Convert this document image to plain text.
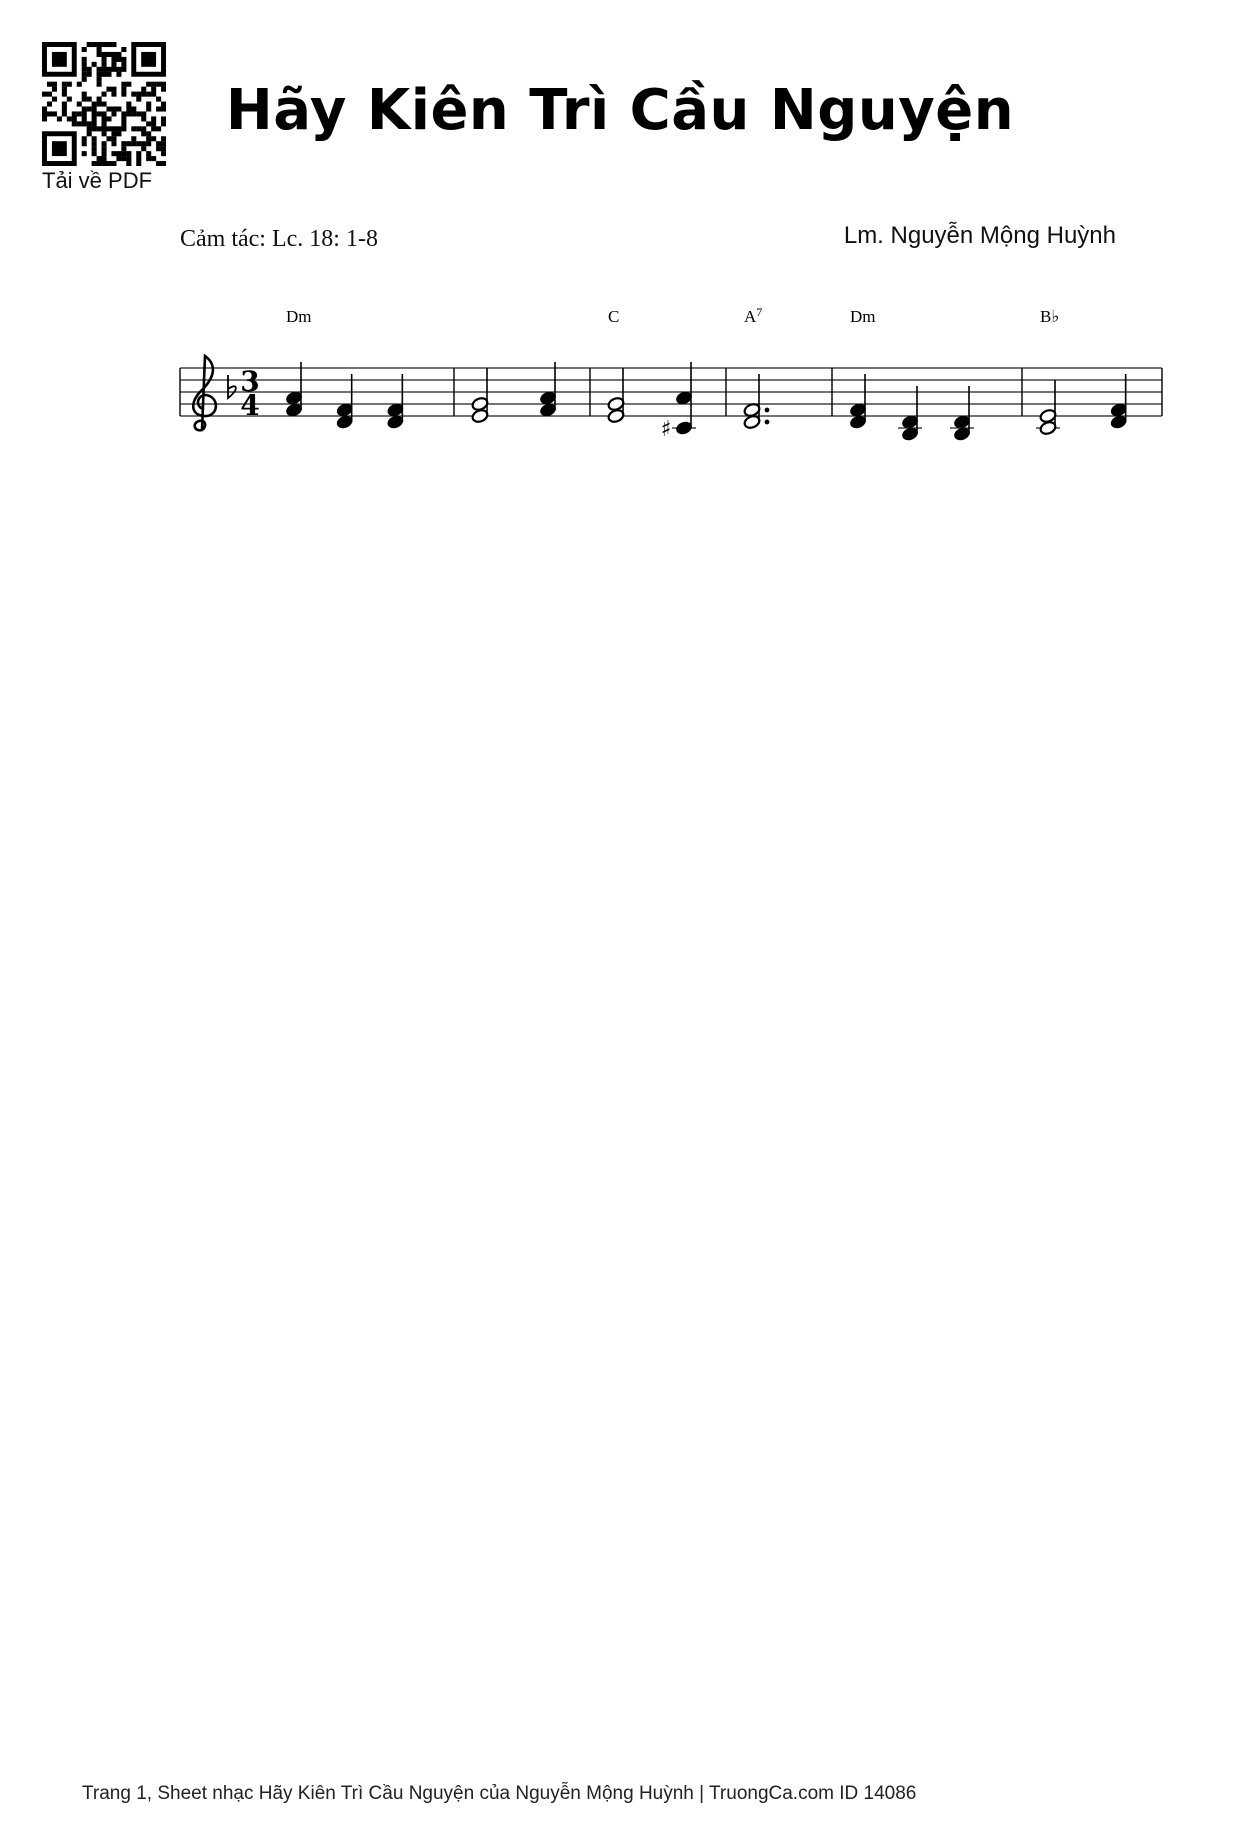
Tải về PDF
Hãy Kiên Trì Cầu Nguyện
Cảm tác: Lc. 18: 1-8	Lm. Nguyễn Mộng Huỳnh
3
4
♯
Dm	C	$A^7$	Dm	B♭
Trang 1, Sheet nhạc Hãy Kiên Trì Cầu Nguyện của Nguyễn Mộng Huỳnh | TruongCa.com ID 14086
